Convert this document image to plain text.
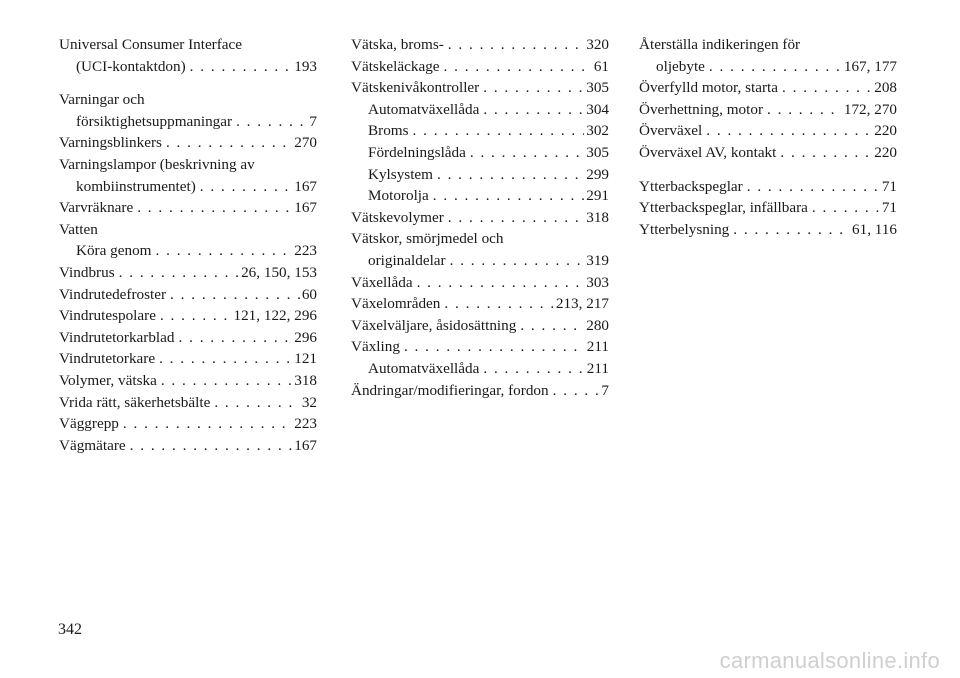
Universal Consumer Interface
(UCI-kontaktdon) . . .	193
Varningar och
försiktighetsuppmaningar . . .	7
Varningsblinkers . . .	270
Varningslampor (beskrivning av
kombiinstrumentet) . . .	167
Varvräknare . . .	167
Vatten
Köra genom . . .	223
Vindbrus . . .	26, 150, 153
Vindrutedefroster . . .	60
Vindrutespolare . . .	121, 122, 296
Vindrutetorkarblad . . .	296
Vindrutetorkare . . .	121
Volymer, vätska . . .	318
Vrida rätt, säkerhetsbälte . . .	32
Väggrepp . . .	223
Vägmätare . . .	167
Vätska, broms- . . .	320
Vätskeläckage . . .	61
Vätskenivåkontroller . . .	305
Automatväxellåda . . .	304
Broms . . .	302
Fördelningslåda . . .	305
Kylsystem . . .	299
Motorolja . . .	291
Vätskevolymer . . .	318
Vätskor, smörjmedel och
originaldelar . . .	319
Växellåda . . .	303
Växelområden . . .	213, 217
Växelväljare, åsidosättning . . .	280
Växling . . .	211
Automatväxellåda . . .	211
Ändringar/modifieringar, fordon . . .	7
Återställa indikeringen för
oljebyte . . .	167, 177
Överfylld motor, starta . . .	208
Överhettning, motor . . .	172, 270
Överväxel . . .	220
Överväxel AV, kontakt . . .	220
Ytterbackspeglar . . .	71
Ytterbackspeglar, infällbara . . .	71
Ytterbelysning . . .	61, 116
342
carmanualsonline.info
